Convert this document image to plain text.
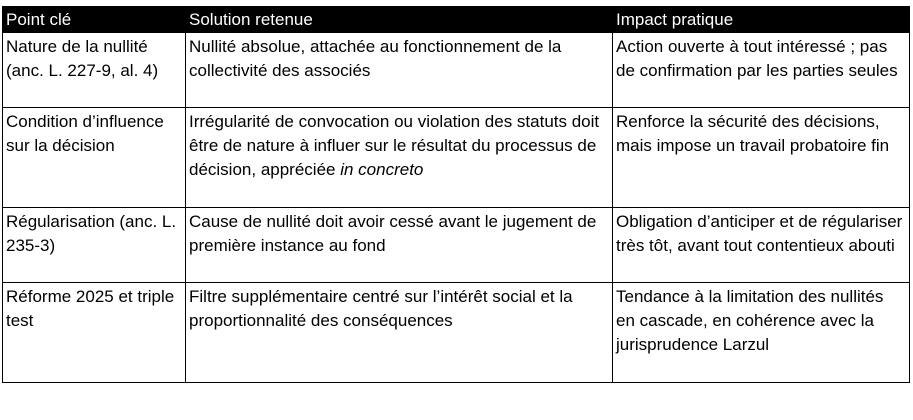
Point clé	Solution retenue	Impact pratique
Nature de la nullité (anc. L. 227-9, al. 4)	Nullité absolue, attachée au fonctionnement de la collectivité des associés	Action ouverte à tout intéressé ; pas de confirmation par les parties seules
Condition d’influence sur la décision	Irrégularité de convocation ou violation des statuts doit être de nature à influer sur le résultat du processus de décision, appréciée in concreto	Renforce la sécurité des décisions, mais impose un travail probatoire fin
Régularisation (anc. L. 235-3)	Cause de nullité doit avoir cessé avant le jugement de première instance au fond	Obligation d’anticiper et de régulariser très tôt, avant tout contentieux abouti
Réforme 2025 et triple test	Filtre supplémentaire centré sur l’intérêt social et la proportionnalité des conséquences	Tendance à la limitation des nullités en cascade, en cohérence avec la jurisprudence Larzul
